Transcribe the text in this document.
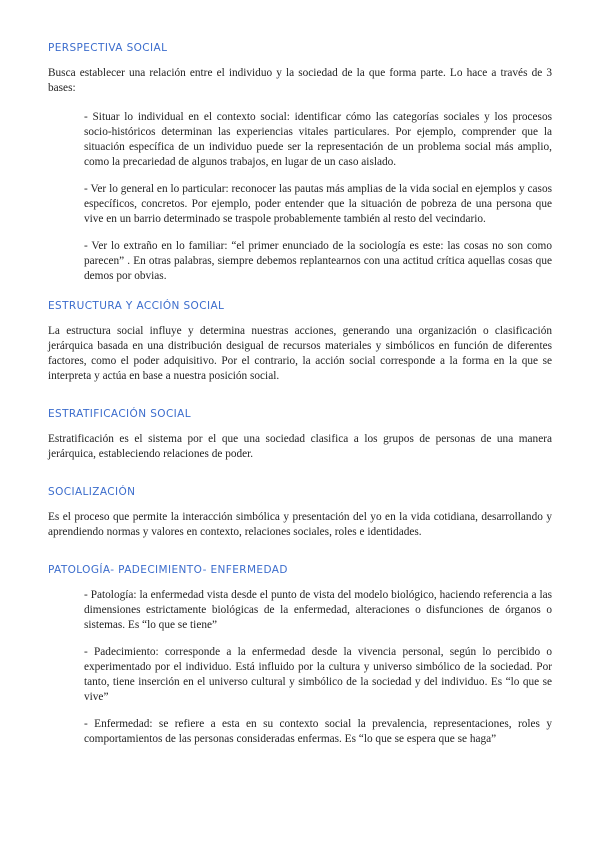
PERSPECTIVA SOCIAL

Busca establecer una relación entre el individuo y la sociedad de la que forma parte. Lo hace a través de 3 bases:

- Situar lo individual en el contexto social: identificar cómo las categorías sociales y los procesos socio-históricos determinan las experiencias vitales particulares. Por ejemplo, comprender que la situación específica de un individuo puede ser la representación de un problema social más amplio, como la precariedad de algunos trabajos, en lugar de un caso aislado.

- Ver lo general en lo particular: reconocer las pautas más amplias de la vida social en ejemplos y casos específicos, concretos. Por ejemplo, poder entender que la situación de pobreza de una persona que vive en un barrio determinado se traspole probablemente también al resto del vecindario.

- Ver lo extraño en lo familiar: “el primer enunciado de la sociología es este: las cosas no son como parecen” . En otras palabras, siempre debemos replantearnos con una actitud crítica aquellas cosas que demos por obvias.

ESTRUCTURA Y ACCIÓN SOCIAL

La estructura social influye y determina nuestras acciones, generando una organización o clasificación jerárquica basada en una distribución desigual de recursos materiales y simbólicos en función de diferentes factores, como el poder adquisitivo. Por el contrario, la acción social corresponde a la forma en la que se interpreta y actúa en base a nuestra posición social.

ESTRATIFICACIÓN SOCIAL

Estratificación es el sistema por el que una sociedad clasifica a los grupos de personas de una manera jerárquica, estableciendo relaciones de poder.

SOCIALIZACIÓN

Es el proceso que permite la interacción simbólica y presentación del yo en la vida cotidiana, desarrollando y aprendiendo normas y valores en contexto, relaciones sociales, roles e identidades.

PATOLOGÍA- PADECIMIENTO- ENFERMEDAD

- Patología: la enfermedad vista desde el punto de vista del modelo biológico, haciendo referencia a las dimensiones estrictamente biológicas de la enfermedad, alteraciones o disfunciones de órganos o sistemas. Es “lo que se tiene”

- Padecimiento: corresponde a la enfermedad desde la vivencia personal, según lo percibido o experimentado por el individuo. Está influido por la cultura y universo simbólico de la sociedad. Por tanto, tiene inserción en el universo cultural y simbólico de la sociedad y del individuo. Es “lo que se vive”

- Enfermedad: se refiere a esta en su contexto social la prevalencia, representaciones, roles y comportamientos de las personas consideradas enfermas. Es “lo que se espera que se haga”
